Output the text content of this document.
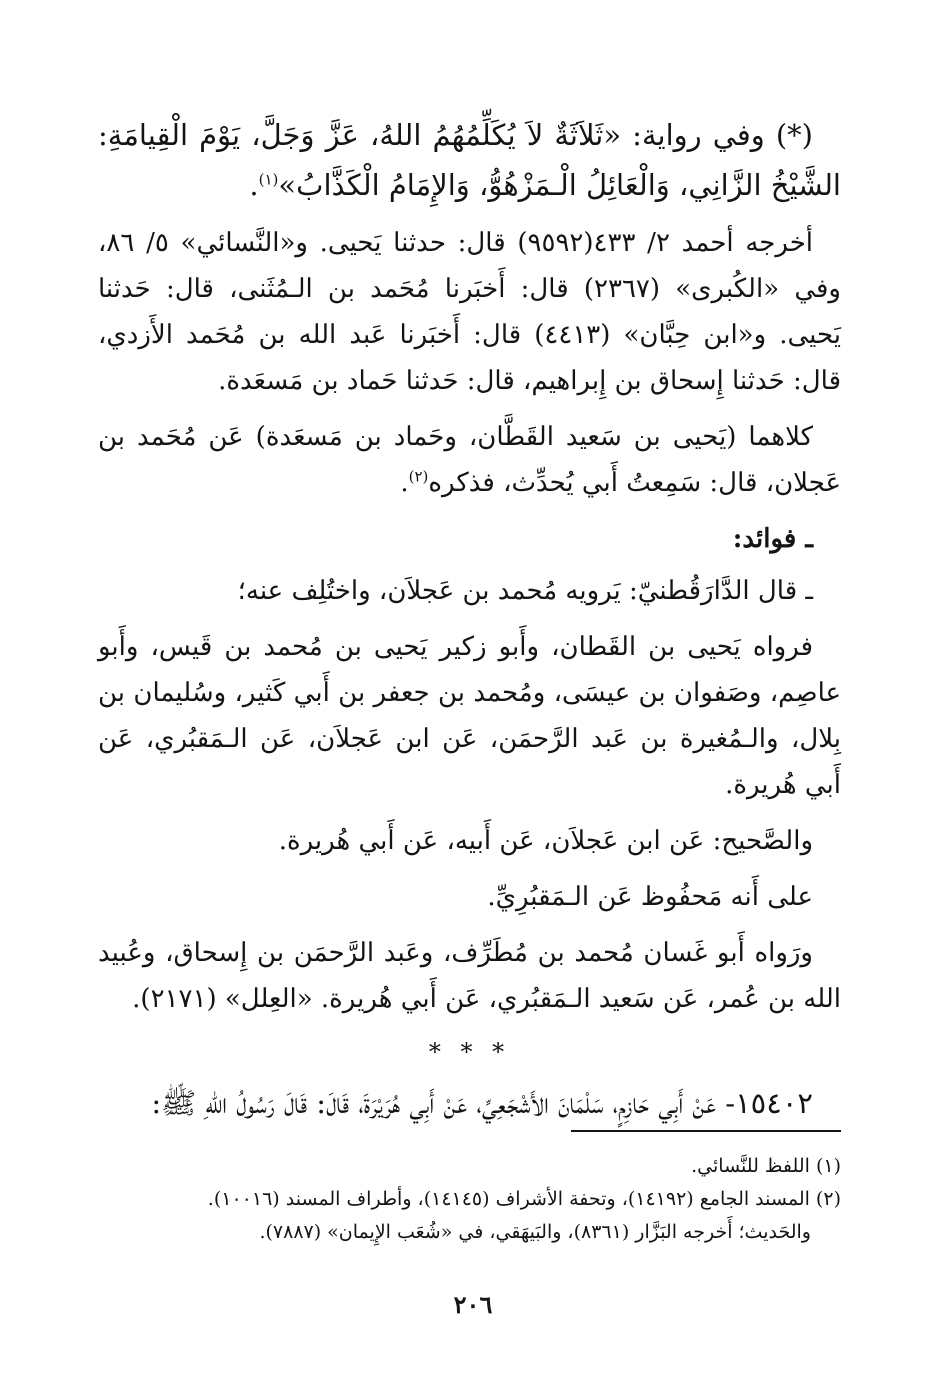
(*) وفي رواية: «ثَلاَثَةٌ لاَ يُكَلِّمُهُمُ اللهُ، عَزَّ وَجَلَّ، يَوْمَ الْقِيامَةِ: الشَّيْخُ الزَّانِي، وَالْعَائِلُ الْـمَزْهُوُّ، وَالإِمَامُ الْكَذَّابُ»$^{(١)}$.

أخرجه أحمد ٢/ ٤٣٣(٩٥٩٢) قال: حدثنا يَحيى. و«النَّسائي» ٥/ ٨٦، وفي «الكُبرى» (٢٣٦٧) قال: أَخبَرنا مُحَمد بن الـمُثَنى، قال: حَدثنا يَحيى. و«ابن حِبَّان» (٤٤١٣) قال: أَخبَرنا عَبد الله بن مُحَمد الأَزدي، قال: حَدثنا إِسحاق بن إِبراهيم، قال: حَدثنا حَماد بن مَسعَدة.

كلاهما (يَحيى بن سَعيد القَطَّان، وحَماد بن مَسعَدة) عَن مُحَمد بن عَجلان، قال: سَمِعتُ أَبي يُحدِّث، فذكره$^{(٢)}$.

ـ فوائد:

ـ قال الدَّارَقُطنيّ: يَرويه مُحمد بن عَجلاَن، واختُلِف عنه؛

فرواه يَحيى بن القَطان، وأَبو زكير يَحيى بن مُحمد بن قَيس، وأَبو عاصِم، وصَفوان بن عيسَى، ومُحمد بن جعفر بن أَبي كَثير، وسُليمان بن بِلال، والـمُغيرة بن عَبد الرَّحمَن، عَن ابن عَجلاَن، عَن الـمَقبُري، عَن أَبي هُريرة.

والصَّحيح: عَن ابن عَجلاَن، عَن أَبيه، عَن أَبي هُريرة.

على أَنه مَحفُوظ عَن الـمَقبُرِيِّ.

ورَواه أَبو غَسان مُحمد بن مُطَرِّف، وعَبد الرَّحمَن بن إِسحاق، وعُبيد الله بن عُمر، عَن سَعيد الـمَقبُري، عَن أَبي هُريرة. «العِلل» (٢١٧١).

* * *

١٥٤٠٢- عَنْ أَبِي حَازِمٍ، سَلْمَانَ الأَشْجَعِيِّ، عَنْ أَبِي هُرَيْرَةَ، قَالَ: قَالَ رَسُولُ اللهِ ﷺ:

(١) اللفظ للنَّسائي.

(٢) المسند الجامع (١٤١٩٢)، وتحفة الأشراف (١٤١٤٥)، وأطراف المسند (١٠٠١٦).

والحَديث؛ أَخرجه البَزَّار (٨٣٦١)، والبَيهَقي، في «شُعَب الإِيمان» (٧٨٨٧).

٢٠٦
